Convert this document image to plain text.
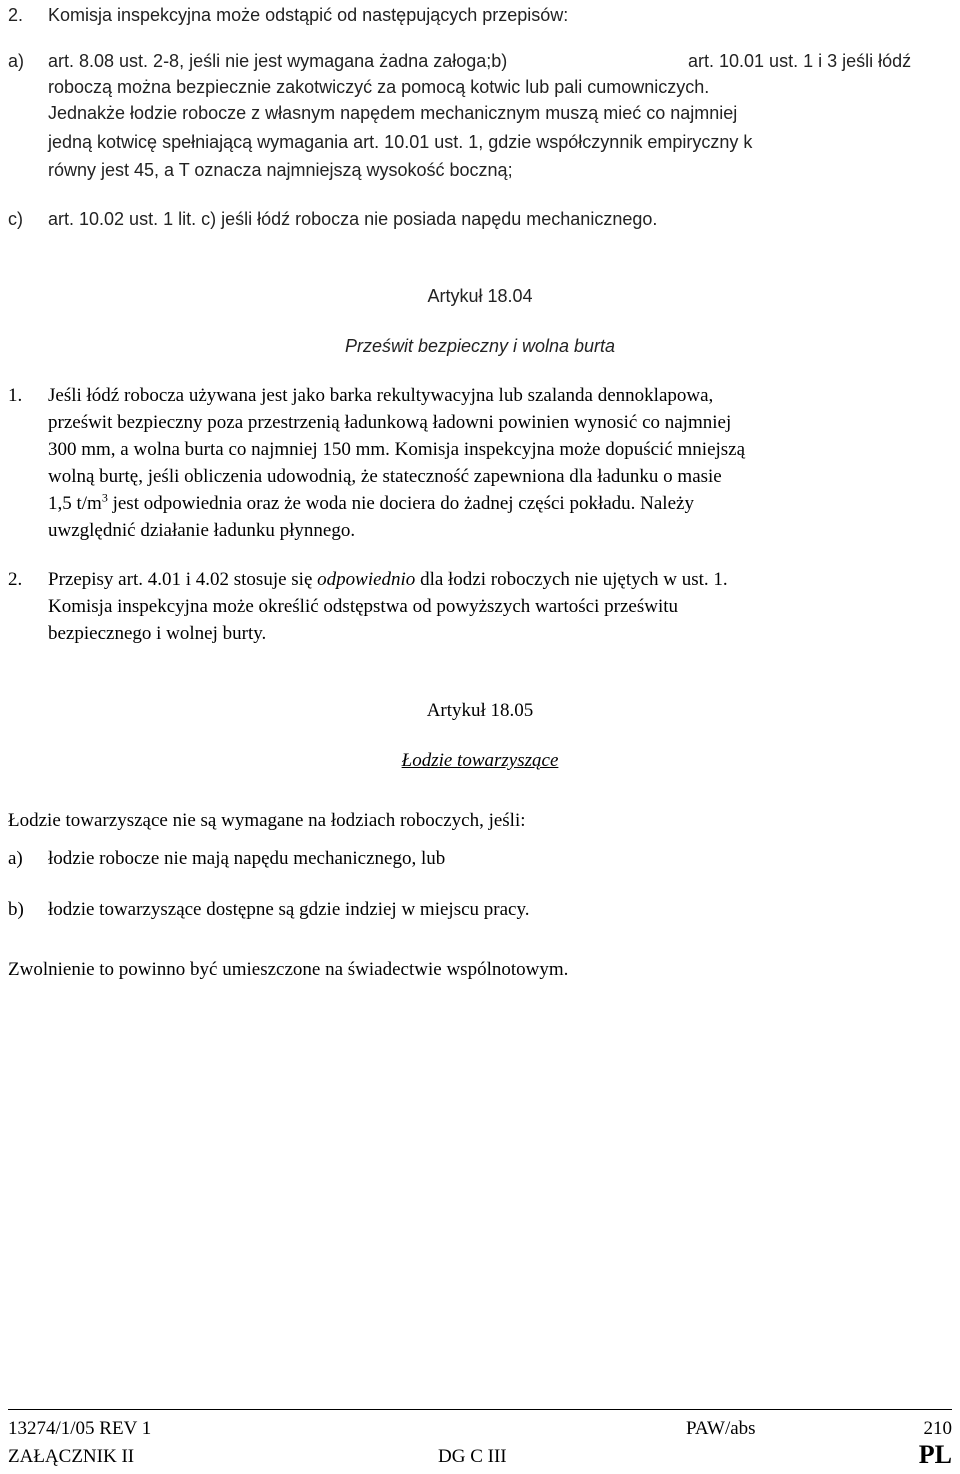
2. Komisja inspekcyjna może odstąpić od następujących przepisów:
a) art. 8.08 ust. 2-8, jeśli nie jest wymagana żadna załoga;b)	art. 10.01 ust. 1 i 3 jeśli łódź
roboczą można bezpiecznie zakotwiczyć za pomocą kotwic lub pali cumowniczych.
Jednakże łodzie robocze z własnym napędem mechanicznym muszą mieć co najmniej
jedną kotwicę spełniającą wymagania art. 10.01 ust. 1, gdzie współczynnik empiryczny k
równy jest 45, a T oznacza najmniejszą wysokość boczną;
c) art. 10.02 ust. 1 lit. c) jeśli łódź robocza nie posiada napędu mechanicznego.
Artykuł 18.04
Prześwit bezpieczny i wolna burta
1. Jeśli łódź robocza używana jest jako barka rekultywacyjna lub szalanda dennoklapowa,
prześwit bezpieczny poza przestrzenią ładunkową ładowni powinien wynosić co najmniej
300 mm, a wolna burta co najmniej 150 mm. Komisja inspekcyjna może dopuścić mniejszą
wolną burtę, jeśli obliczenia udowodnią, że stateczność zapewniona dla ładunku o masie
1,5 $t/m^3$ jest odpowiednia oraz że woda nie dociera do żadnej części pokładu. Należy
uwzględnić działanie ładunku płynnego.
2. Przepisy art. 4.01 i 4.02 stosuje się odpowiednio dla łodzi roboczych nie ujętych w ust. 1.
Komisja inspekcyjna może określić odstępstwa od powyższych wartości prześwitu
bezpiecznego i wolnej burty.
Artykuł 18.05
Łodzie towarzyszące
Łodzie towarzyszące nie są wymagane na łodziach roboczych, jeśli:
a) łodzie robocze nie mają napędu mechanicznego, lub
b) łodzie towarzyszące dostępne są gdzie indziej w miejscu pracy.
Zwolnienie to powinno być umieszczone na świadectwie wspólnotowym.
13274/1/05 REV 1	PAW/abs	210
ZAŁĄCZNIK II	DG C III	PL
